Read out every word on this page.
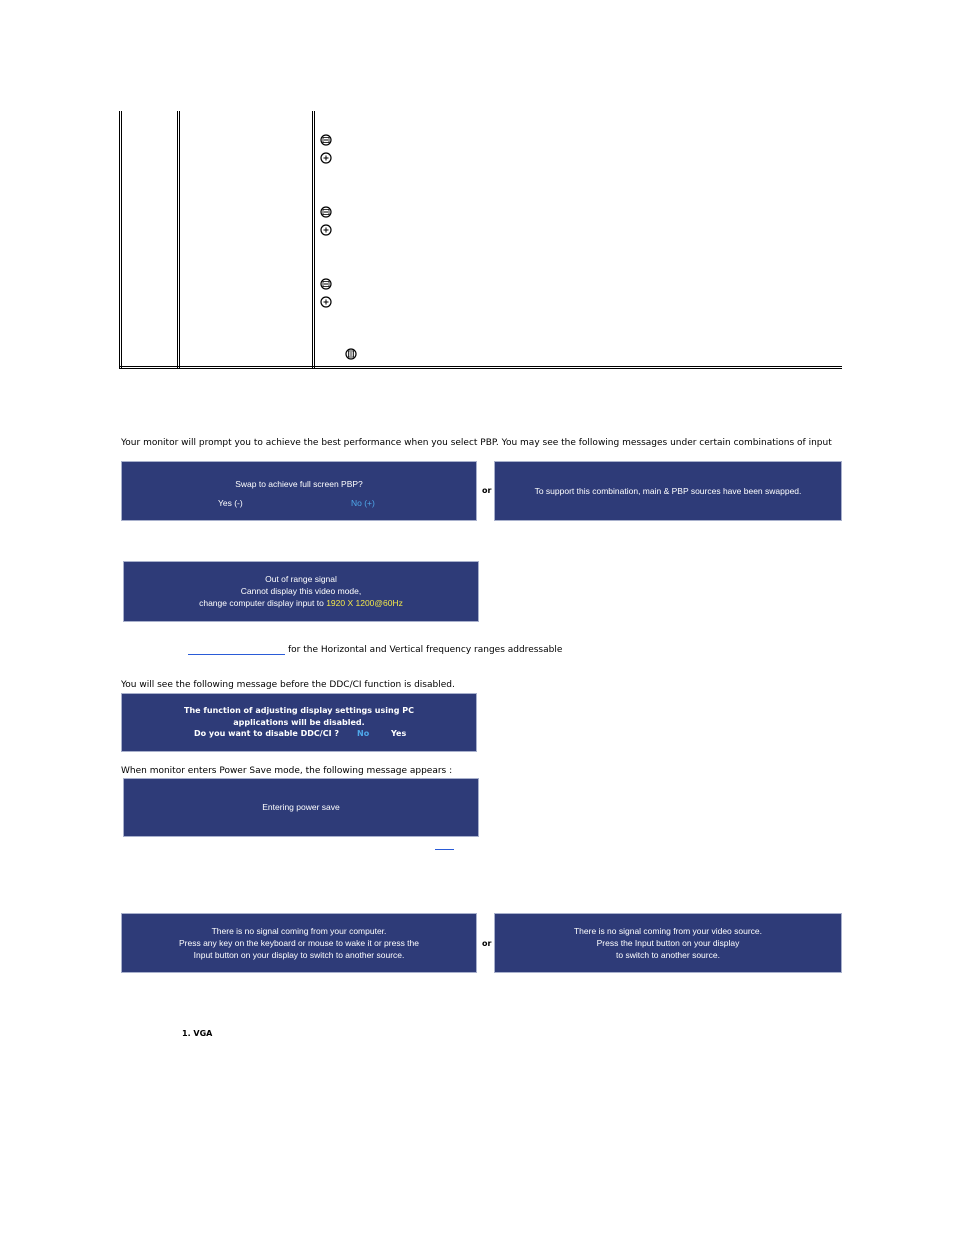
Your monitor will prompt you to achieve the best performance when you select PBP. You may see the following messages under certain combinations of input
Swap to achieve full screen PBP?
Yes (-)	No (+)
or	To support this combination, main & PBP sources have been swapped.
Out of range signal
Cannot display this video mode,
change computer display input to 1920 X 1200@60Hz
for the Horizontal and Vertical frequency ranges addressable
You will see the following message before the DDC/CI function is disabled.
The function of adjusting display settings using PC
applications will be disabled.
Do you want to disable DDC/CI ? No	Yes
When monitor enters Power Save mode, the following message appears :
Entering power save
There is no signal coming from your computer.
Press any key on the keyboard or mouse to wake it or press the
Input button on your display to switch to another source.
or
There is no signal coming from your video source.
Press the Input button on your display
to switch to another source.
1. VGA
